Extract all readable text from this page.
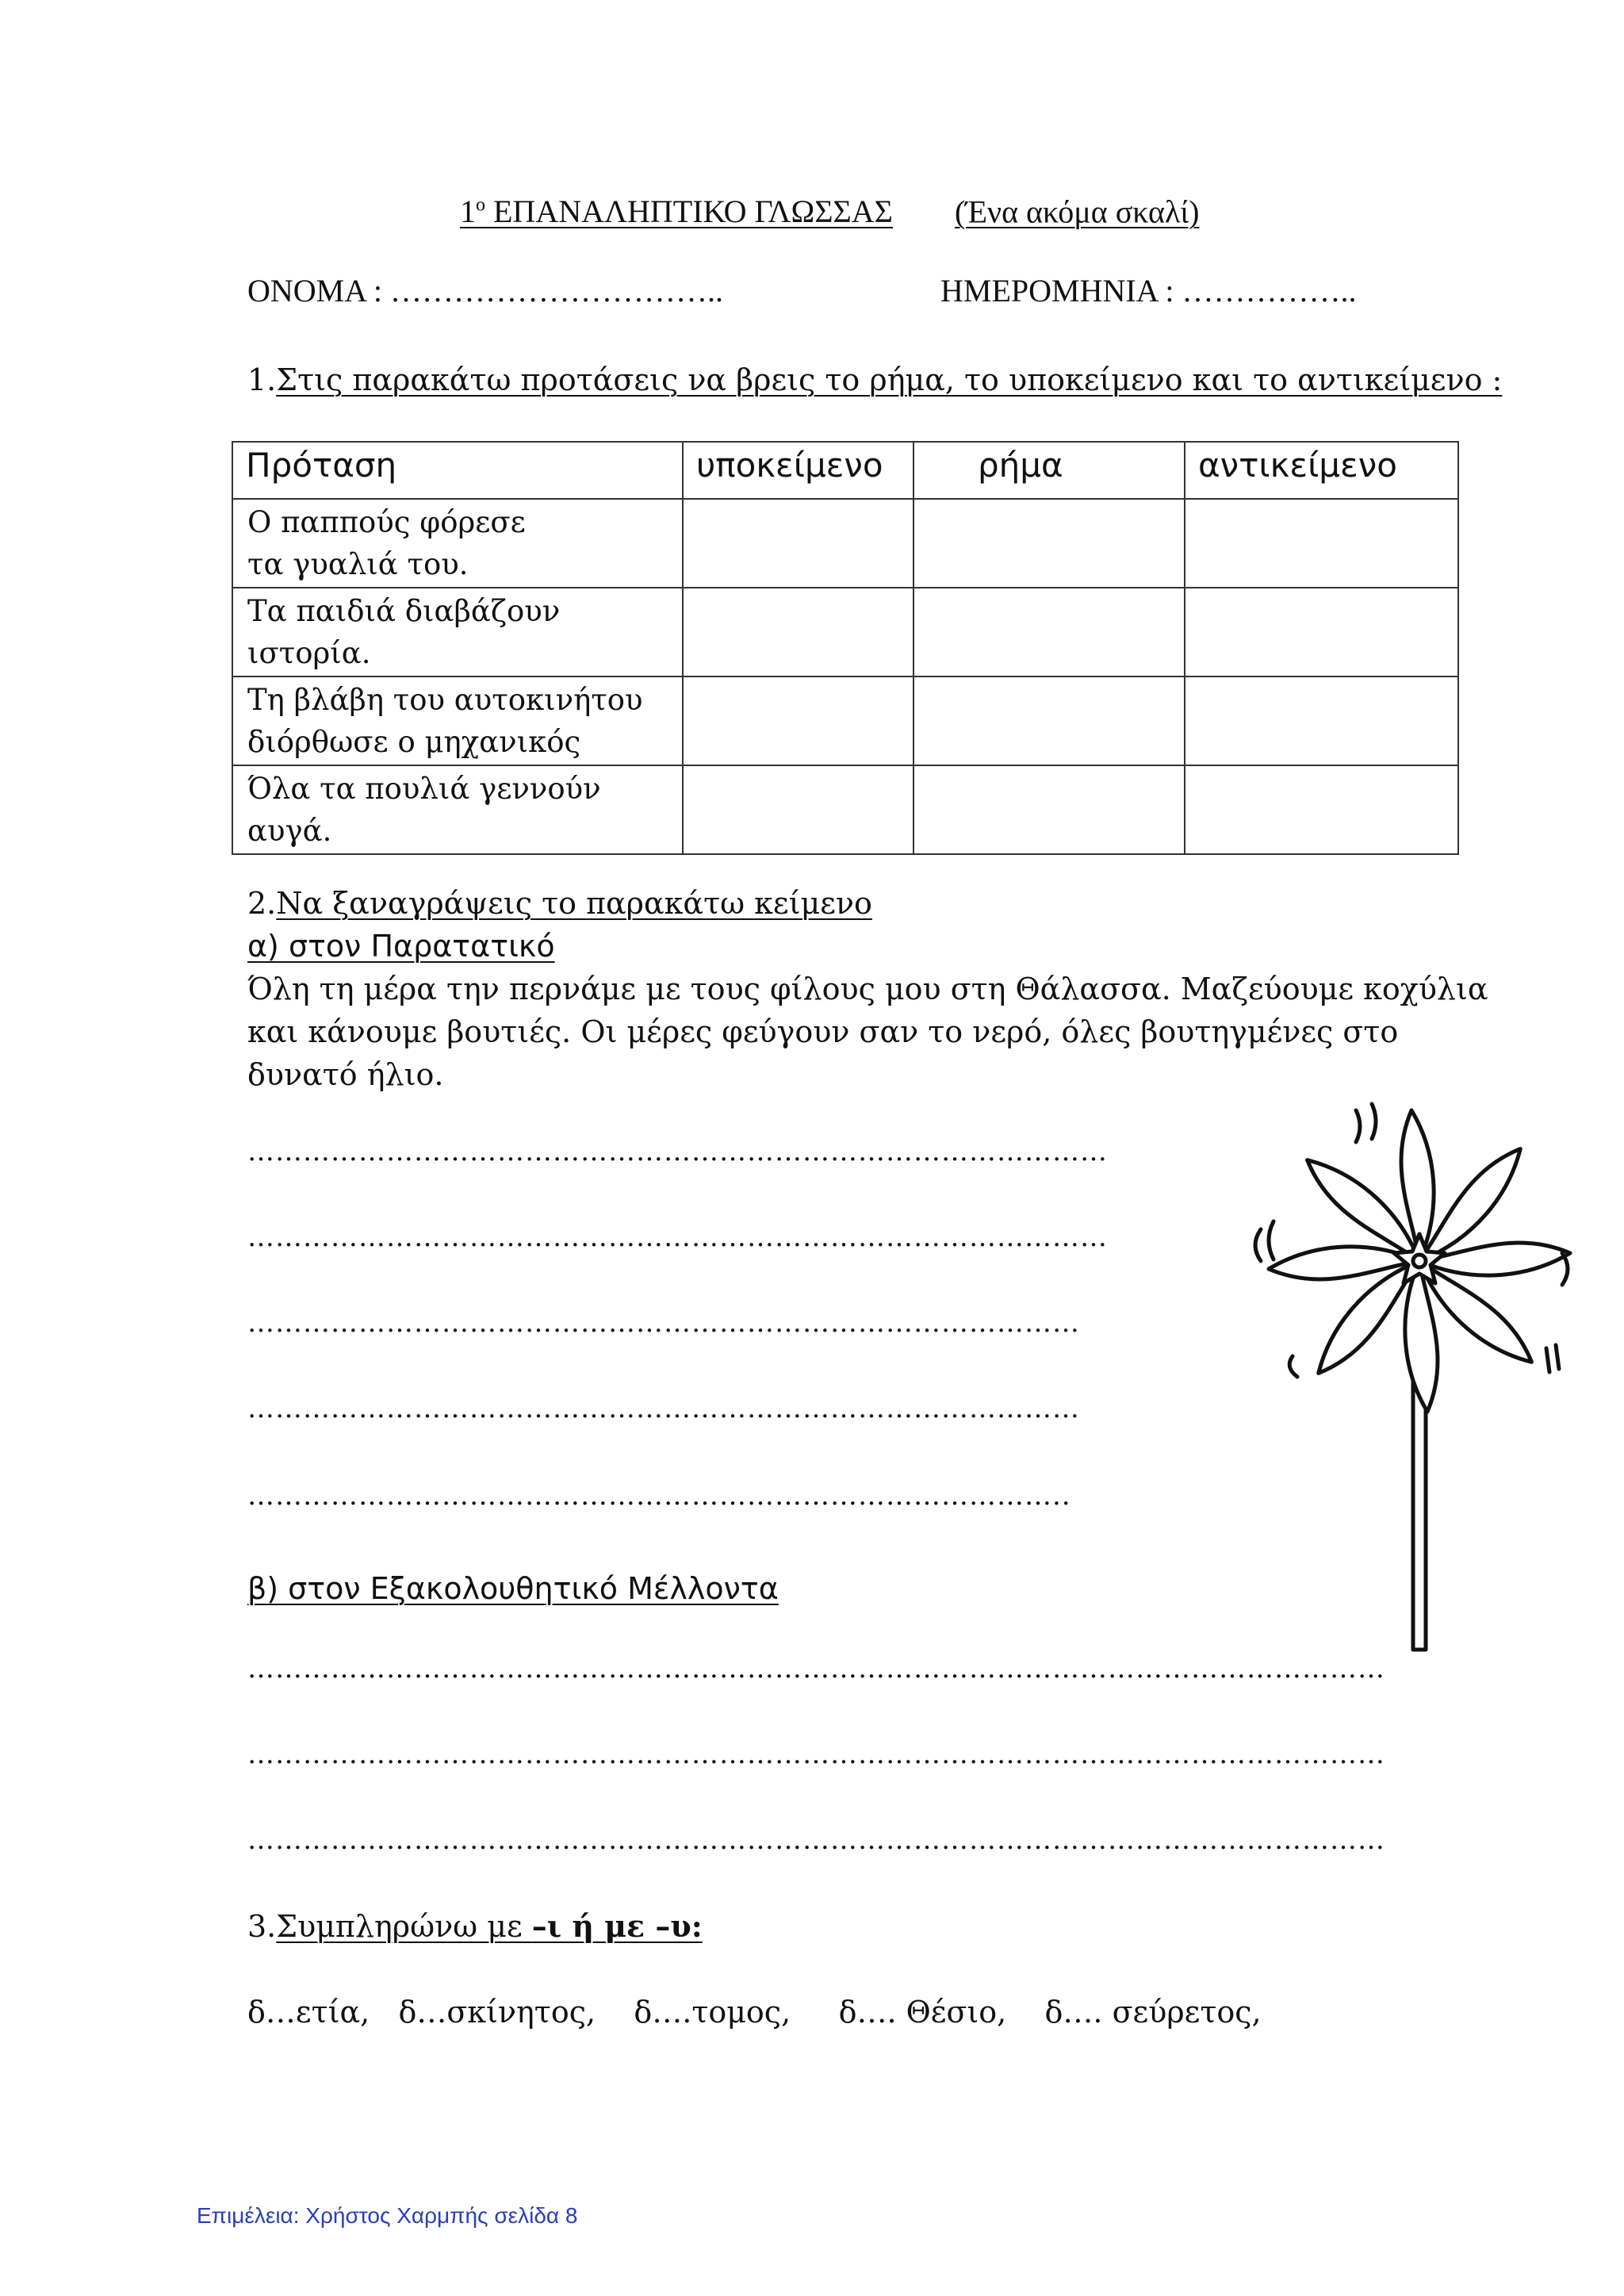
$1^o$ ΕΠΑΝΑΛΗΠΤΙΚΟ ΓΛΩΣΣΑΣ (Ένα ακόμα σκαλί)
ΟΝΟΜΑ : …………………………..	ΗΜΕΡΟΜΗΝΙΑ : ……………..
1.Στις παρακάτω προτάσεις να βρεις το ρήμα, το υποκείμενο και το αντικείμενο :
Πρόταση	υποκείμενο	ρήμα	αντικείμενο

Ο παππούς φόρεσε
τα γυαλιά του.			

Τα παιδιά διαβάζουν
ιστορία.			

Τη βλάβη του αυτοκινήτου
διόρθωσε ο μηχανικός			

Όλα τα πουλιά γεννούν
αυγά.			

2.Να ξαναγράψεις το παρακάτω κείμενο
α) στον Παρατατικό
Όλη τη μέρα την περνάμε με τους φίλους μου στη Θάλασσα. Μαζεύουμε κοχύλια
και κάνουμε βουτιές. Οι μέρες φεύγουν σαν το νερό, όλες βουτηγμένες στο
δυνατό ήλιο.
…………………………………………………………………………………
…………………………………………………………………………………
………………………………………………………………………………
………………………………………………………………………………
……………………………………………………………………………..
β) στον Εξακολουθητικό Μέλλοντα
……………………………………………………………………………………………………………
……………………………………………………………………………………………………………
……………………………………………………………………………………………………………
3.Συμπληρώνω με –ι ή με –υ:
δ…ετία,   δ…σκίνητος,    δ….τομος,     δ…. Θέσιο,    δ…. σεύρετος,
Επιμέλεια: Χρήστος Χαρμπής σελίδα 8
